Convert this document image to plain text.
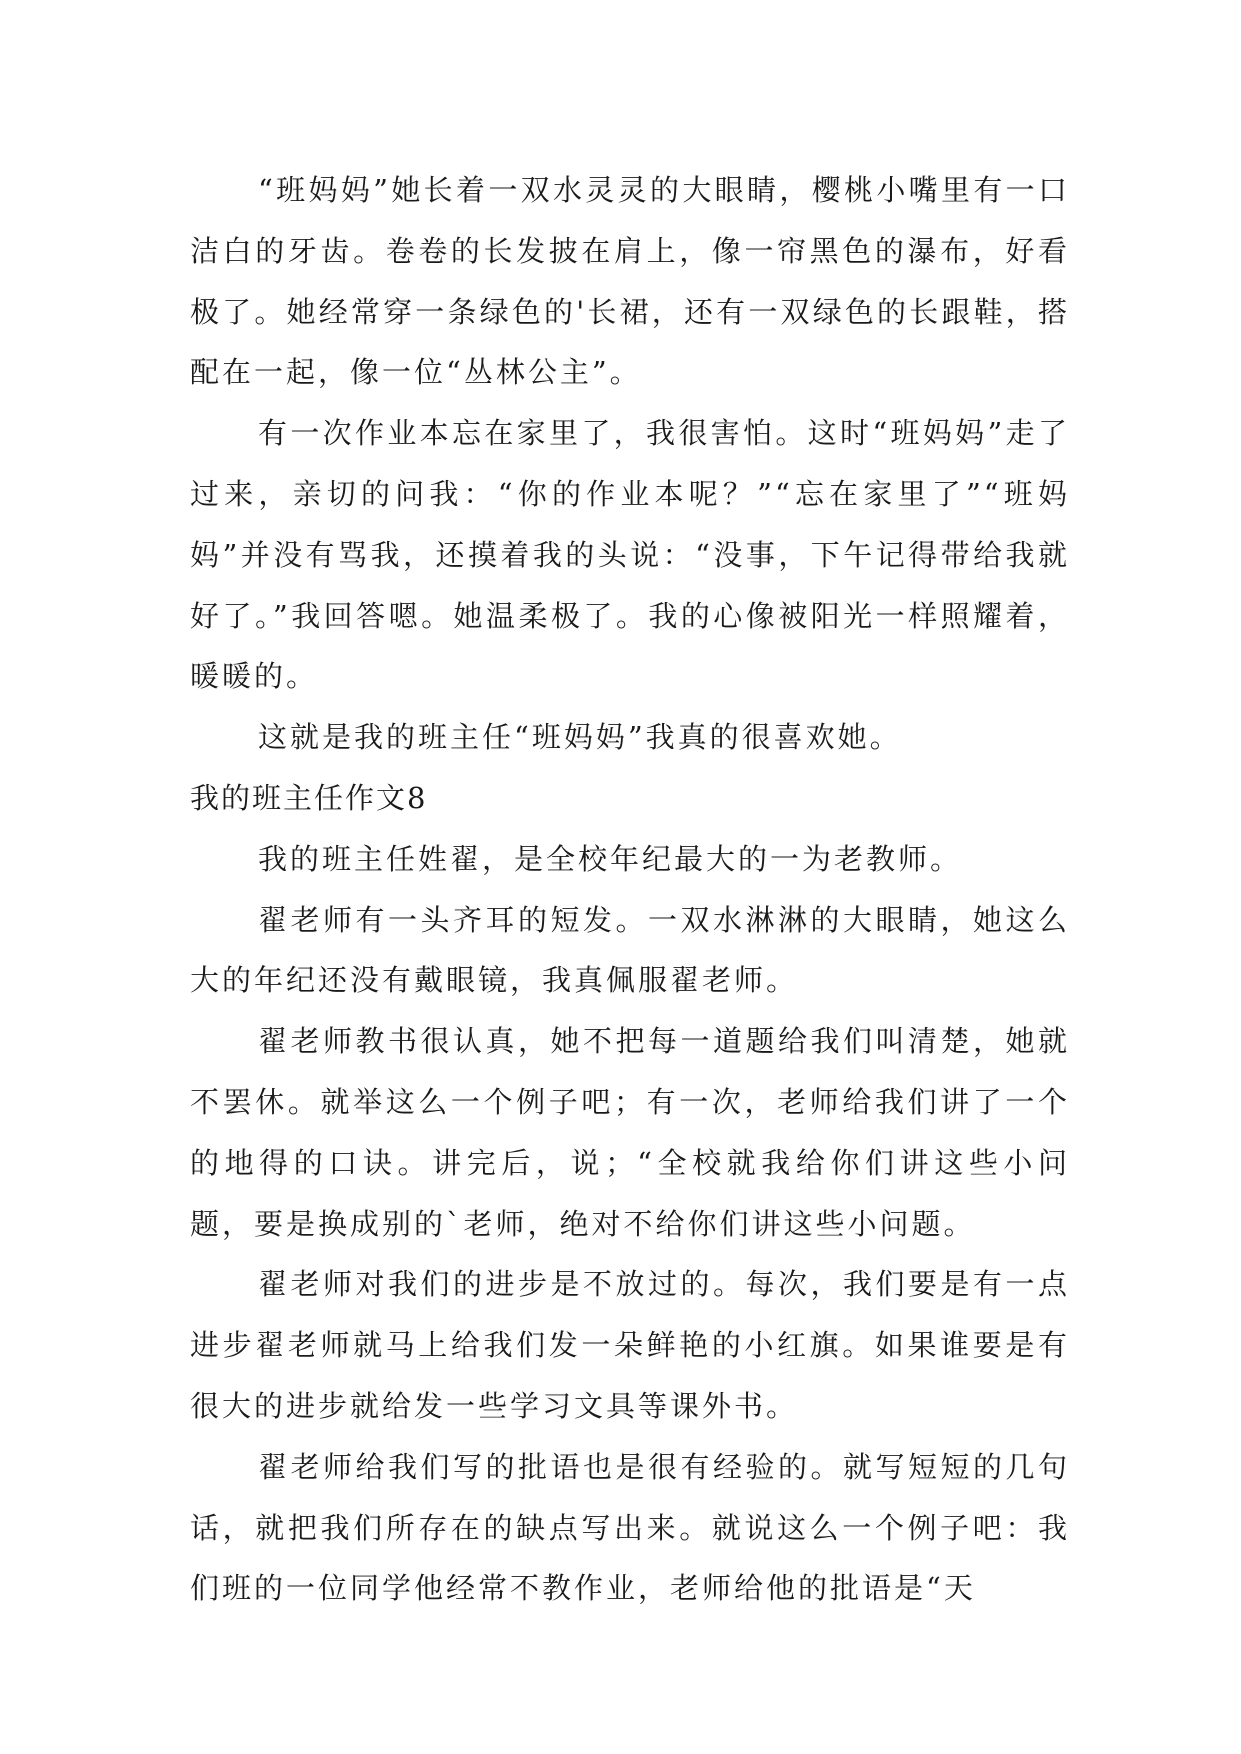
“班妈妈”她长着一双水灵灵的大眼睛，樱桃小嘴里有一口洁白的牙齿。卷卷的长发披在肩上，像一帘黑色的瀑布，好看极了。她经常穿一条绿色的'长裙，还有一双绿色的长跟鞋，搭配在一起，像一位“丛林公主”。

有一次作业本忘在家里了，我很害怕。这时“班妈妈”走了过来，亲切的问我：“你的作业本呢？”“忘在家里了”“班妈妈”并没有骂我，还摸着我的头说：“没事，下午记得带给我就好了。”我回答嗯。她温柔极了。我的心像被阳光一样照耀着，暖暖的。

这就是我的班主任“班妈妈”我真的很喜欢她。

我的班主任作文8

我的班主任姓翟，是全校年纪最大的一为老教师。

翟老师有一头齐耳的短发。一双水淋淋的大眼睛，她这么大的年纪还没有戴眼镜，我真佩服翟老师。

翟老师教书很认真，她不把每一道题给我们叫清楚，她就不罢休。就举这么一个例子吧；有一次，老师给我们讲了一个的地得的口诀。讲完后，说；“全校就我给你们讲这些小问题，要是换成别的`老师，绝对不给你们讲这些小问题。

翟老师对我们的进步是不放过的。每次，我们要是有一点进步翟老师就马上给我们发一朵鲜艳的小红旗。如果谁要是有很大的进步就给发一些学习文具等课外书。

翟老师给我们写的批语也是很有经验的。就写短短的几句话，就把我们所存在的缺点写出来。就说这么一个例子吧：我们班的一位同学他经常不教作业，老师给他的批语是“天
